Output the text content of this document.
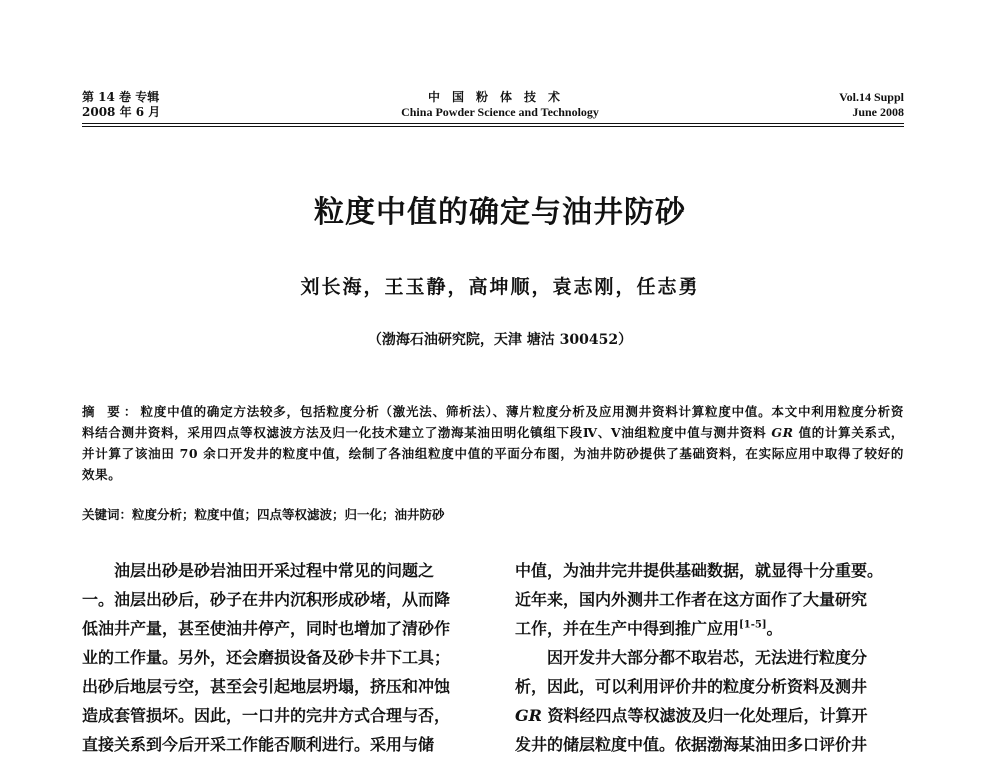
第 14 卷 专辑
2008 年 6 月
中国粉体技术
China Powder Science and Technology
Vol.14 Suppl
June 2008
粒度中值的确定与油井防砂
刘长海，王玉静，高坤顺，袁志刚，任志勇
（渤海石油研究院，天津 塘沽 300452）
摘 要：粒度中值的确定方法较多，包括粒度分析（激光法、筛析法）、薄片粒度分析及应用测井资料计算粒度中值。本文中利用粒度分析资料结合测井资料，采用四点等权滤波方法及归一化技术建立了渤海某油田明化镇组下段Ⅳ、Ⅴ油组粒度中值与测井资料 GR 值的计算关系式，并计算了该油田 70 余口开发井的粒度中值，绘制了各油组粒度中值的平面分布图，为油井防砂提供了基础资料，在实际应用中取得了较好的效果。
关键词：粒度分析；粒度中值；四点等权滤波；归一化；油井防砂
油层出砂是砂岩油田开采过程中常见的问题之
一。油层出砂后，砂子在井内沉积形成砂堵，从而降
低油井产量，甚至使油井停产，同时也增加了清砂作
业的工作量。另外，还会磨损设备及砂卡井下工具；
出砂后地层亏空，甚至会引起地层坍塌，挤压和冲蚀
造成套管损坏。因此，一口井的完井方式合理与否，
直接关系到今后开采工作能否顺利进行。采用与储
中值，为油井完井提供基础数据，就显得十分重要。
近年来，国内外测井工作者在这方面作了大量研究
工作，并在生产中得到推广应用[1-5]。
因开发井大部分都不取岩芯，无法进行粒度分
析，因此，可以利用评价井的粒度分析资料及测井
GR 资料经四点等权滤波及归一化处理后，计算开
发井的储层粒度中值。依据渤海某油田多口评价井
